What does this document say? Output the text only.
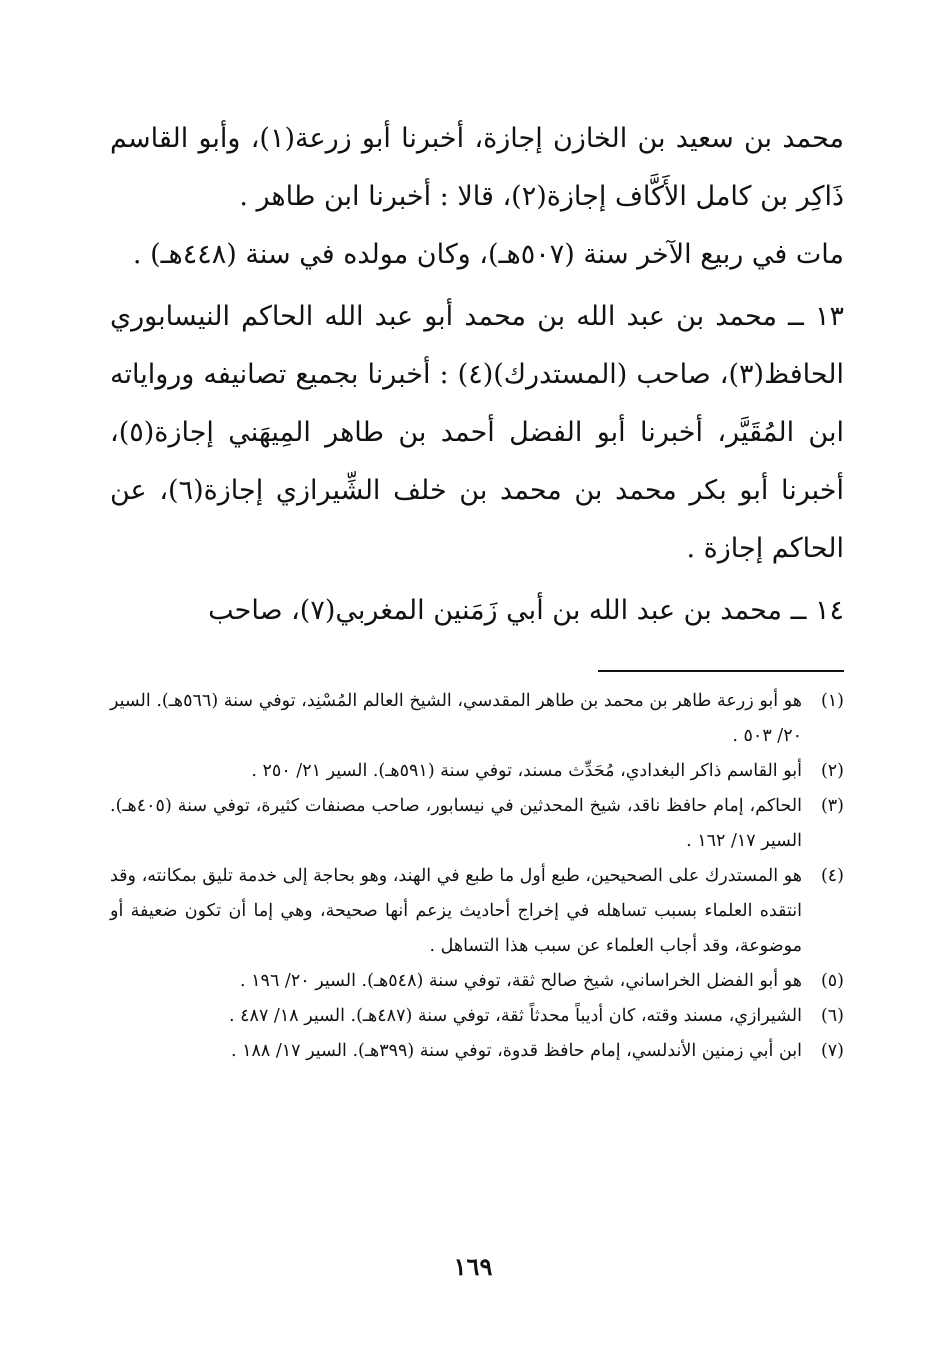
محمد بن سعيد بن الخازن إجازة، أخبرنا أبو زرعة(١)، وأبو القاسم ذَاكِر بن كامل الأَكَّاف إجازة(٢)، قالا : أخبرنا ابن طاهر .

مات في ربيع الآخر سنة (٥٠٧هـ)، وكان مولده في سنة (٤٤٨هـ) .

١٣ ــ محمد بن عبد الله بن محمد أبو عبد الله الحاكم النيسابوري الحافظ(٣)، صاحب (المستدرك)(٤) : أخبرنا بجميع تصانيفه ورواياته ابن المُقَيَّر، أخبرنا أبو الفضل أحمد بن طاهر المِيهَني إجازة(٥)، أخبرنا أبو بكر محمد بن محمد بن خلف الشِّيرازي إجازة(٦)، عن الحاكم إجازة .

١٤ ــ محمد بن عبد الله بن أبي زَمَنين المغربي(٧)، صاحب

(١)
هو أبو زرعة طاهر بن محمد بن طاهر المقدسي، الشيخ العالم المُسْنِد، توفي سنة (٥٦٦هـ). السير ٢٠/ ٥٠٣ .
(٢)
أبو القاسم ذاكر البغدادي، مُحَدِّث مسند، توفي سنة (٥٩١هـ). السير ٢١/ ٢٥٠ .
(٣)
الحاكم، إمام حافظ ناقد، شيخ المحدثين في نيسابور، صاحب مصنفات كثيرة، توفي سنة (٤٠٥هـ). السير ١٧/ ١٦٢ .
(٤)
هو المستدرك على الصحيحين، طبع أول ما طبع في الهند، وهو بحاجة إلى خدمة تليق بمكانته، وقد انتقده العلماء بسبب تساهله في إخراج أحاديث يزعم أنها صحيحة، وهي إما أن تكون ضعيفة أو موضوعة، وقد أجاب العلماء عن سبب هذا التساهل .
(٥)
هو أبو الفضل الخراساني، شيخ صالح ثقة، توفي سنة (٥٤٨هـ). السير ٢٠/ ١٩٦ .
(٦)
الشيرازي، مسند وقته، كان أديباً محدثاً ثقة، توفي سنة (٤٨٧هـ). السير ١٨/ ٤٨٧ .
(٧)
ابن أبي زمنين الأندلسي، إمام حافظ قدوة، توفي سنة (٣٩٩هـ). السير ١٧/ ١٨٨ .
١٦٩
